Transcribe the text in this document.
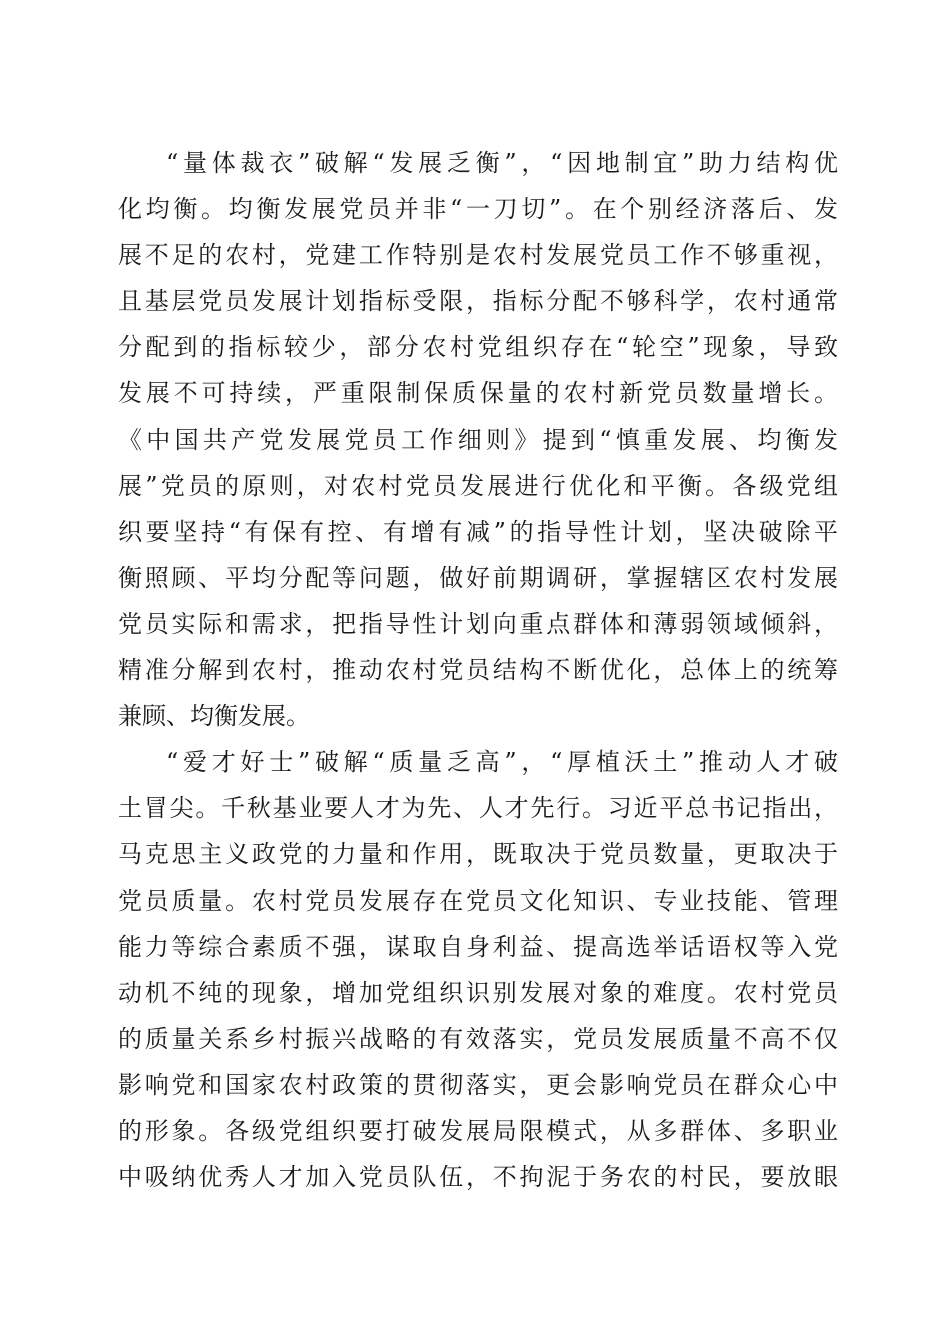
“量体裁衣”破解“发展乏衡”，“因地制宜”助力结构优
化均衡。均衡发展党员并非“一刀切”。在个别经济落后、发
展不足的农村，党建工作特别是农村发展党员工作不够重视，
且基层党员发展计划指标受限，指标分配不够科学，农村通常
分配到的指标较少，部分农村党组织存在“轮空”现象，导致
发展不可持续，严重限制保质保量的农村新党员数量增长。
《中国共产党发展党员工作细则》提到“慎重发展、均衡发
展”党员的原则，对农村党员发展进行优化和平衡。各级党组
织要坚持“有保有控、有增有减”的指导性计划，坚决破除平
衡照顾、平均分配等问题，做好前期调研，掌握辖区农村发展
党员实际和需求，把指导性计划向重点群体和薄弱领域倾斜，
精准分解到农村，推动农村党员结构不断优化，总体上的统筹
兼顾、均衡发展。
“爱才好士”破解“质量乏高”，“厚植沃土”推动人才破
土冒尖。千秋基业要人才为先、人才先行。习近平总书记指出，
马克思主义政党的力量和作用，既取决于党员数量，更取决于
党员质量。农村党员发展存在党员文化知识、专业技能、管理
能力等综合素质不强，谋取自身利益、提高选举话语权等入党
动机不纯的现象，增加党组织识别发展对象的难度。农村党员
的质量关系乡村振兴战略的有效落实，党员发展质量不高不仅
影响党和国家农村政策的贯彻落实，更会影响党员在群众心中
的形象。各级党组织要打破发展局限模式，从多群体、多职业
中吸纳优秀人才加入党员队伍，不拘泥于务农的村民，要放眼
